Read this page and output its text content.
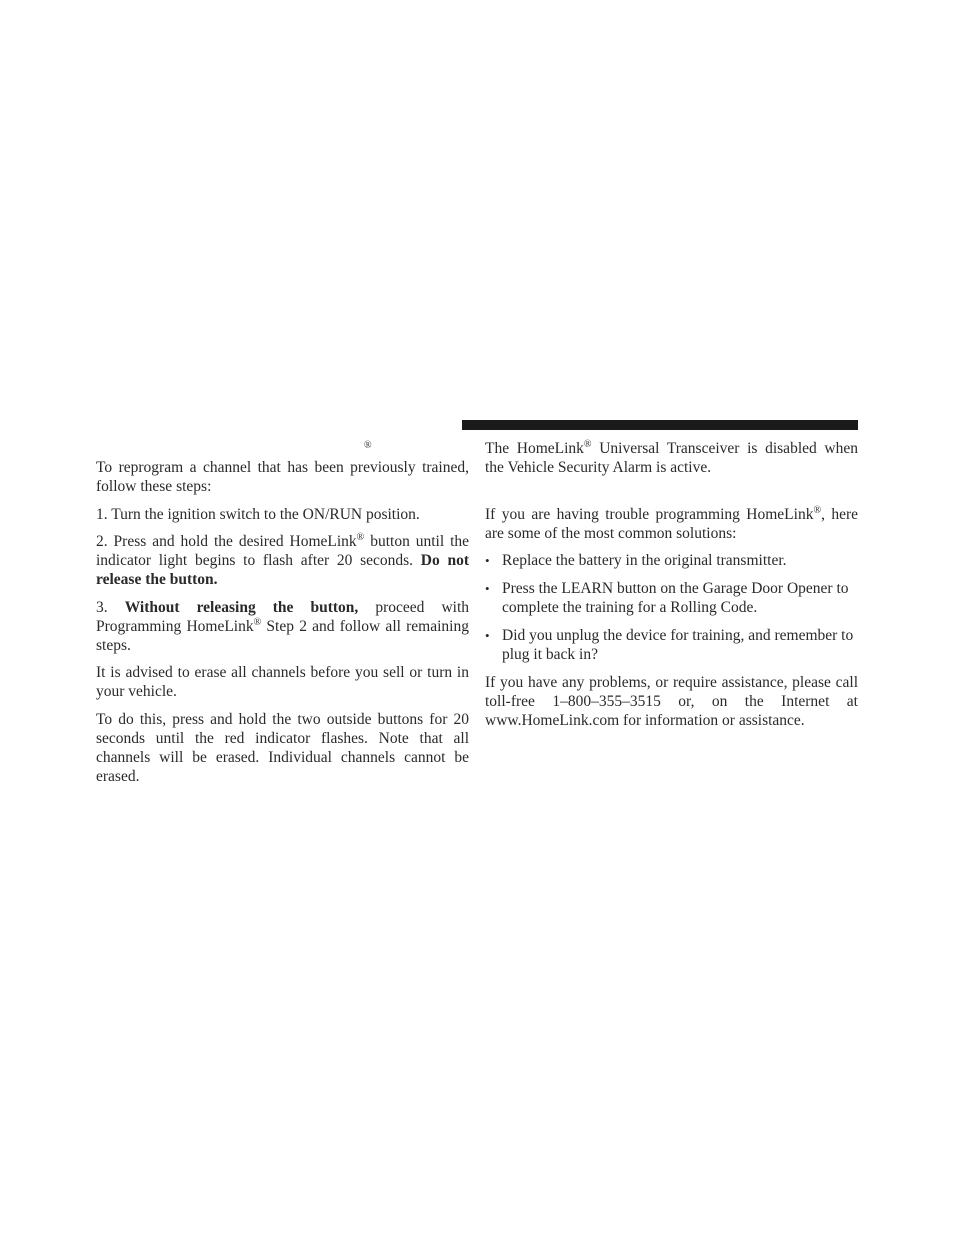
®

To reprogram a channel that has been previously trained, follow these steps:

1. Turn the ignition switch to the ON/RUN position.

2. Press and hold the desired HomeLink® button until the indicator light begins to flash after 20 seconds. Do not release the button.

3. Without releasing the button, proceed with Programming HomeLink® Step 2 and follow all remaining steps.

It is advised to erase all channels before you sell or turn in your vehicle.

To do this, press and hold the two outside buttons for 20 seconds until the red indicator flashes. Note that all channels will be erased. Individual channels cannot be erased.

The HomeLink® Universal Transceiver is disabled when the Vehicle Security Alarm is active.

If you are having trouble programming HomeLink®, here are some of the most common solutions:

• Replace the battery in the original transmitter.
• Press the LEARN button on the Garage Door Opener to complete the training for a Rolling Code.
• Did you unplug the device for training, and remember to plug it back in?

If you have any problems, or require assistance, please call toll-free 1–800–355–3515 or, on the Internet at www.HomeLink.com for information or assistance.
